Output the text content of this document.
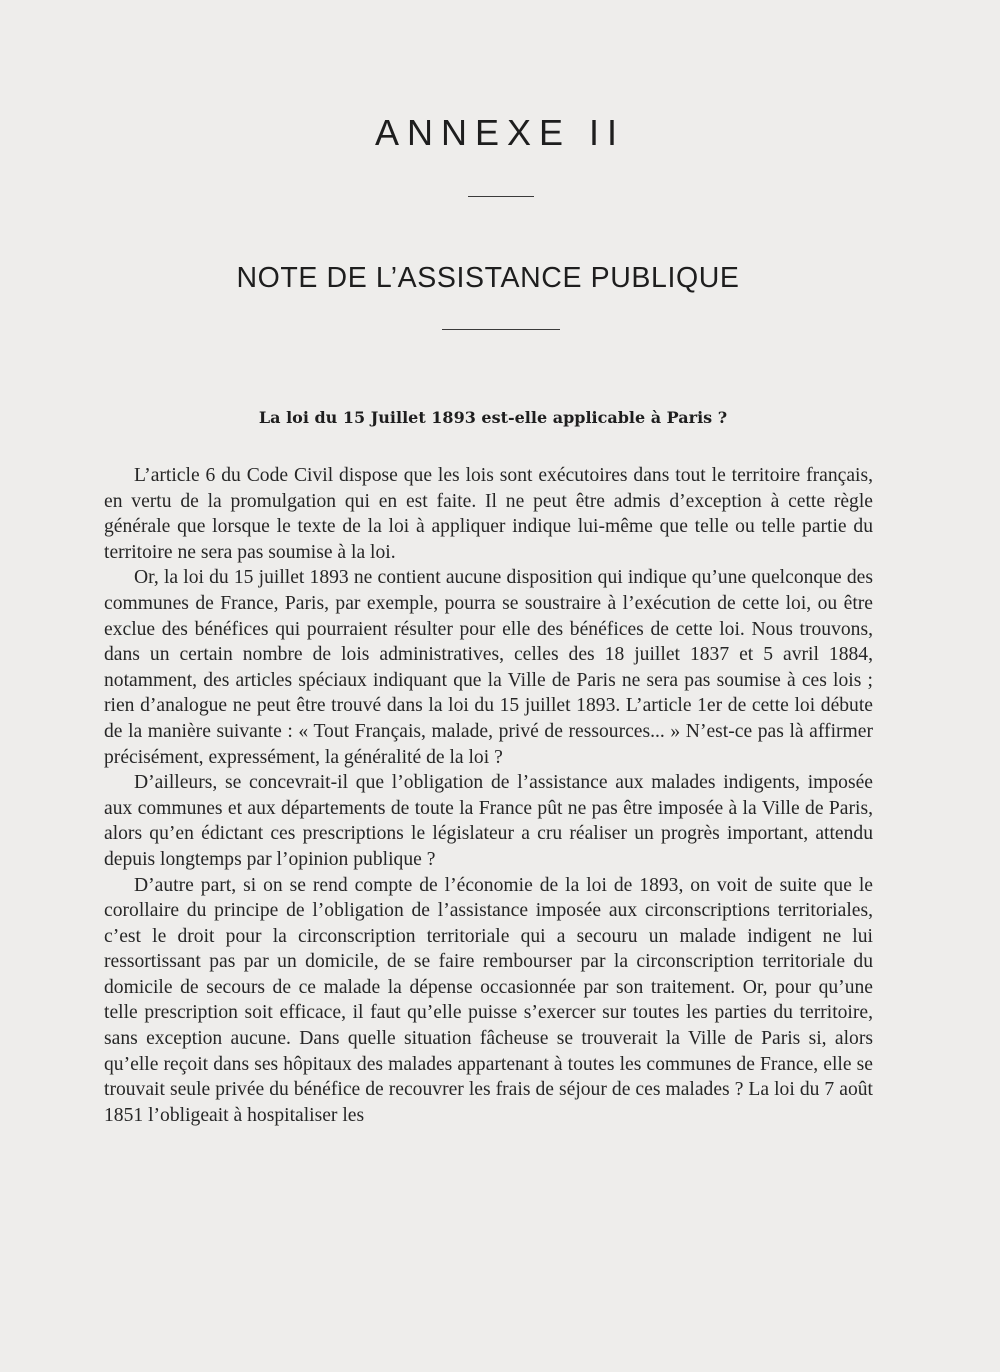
ANNEXE II
NOTE DE L’ASSISTANCE PUBLIQUE
La loi du 15 Juillet 1893 est-elle applicable à Paris ?

L’article 6 du Code Civil dispose que les lois sont exécutoires dans tout le territoire français, en vertu de la promulgation qui en est faite. Il ne peut être admis d’exception à cette règle générale que lorsque le texte de la loi à appliquer indique lui-même que telle ou telle partie du territoire ne sera pas soumise à la loi.

Or, la loi du 15 juillet 1893 ne contient aucune disposition qui indique qu’une quelconque des communes de France, Paris, par exemple, pourra se soustraire à l’exécution de cette loi, ou être exclue des bénéfices qui pourraient résulter pour elle des bénéfices de cette loi. Nous trouvons, dans un certain nombre de lois administratives, celles des 18 juillet 1837 et 5 avril 1884, notamment, des articles spéciaux indiquant que la Ville de Paris ne sera pas soumise à ces lois ; rien d’analogue ne peut être trouvé dans la loi du 15 juillet 1893. L’article 1er de cette loi débute de la manière suivante : « Tout Français, malade, privé de ressources... » N’est-ce pas là affirmer précisément, expressément, la généralité de la loi ?

D’ailleurs, se concevrait-il que l’obligation de l’assistance aux malades indigents, imposée aux communes et aux départements de toute la France pût ne pas être imposée à la Ville de Paris, alors qu’en édictant ces prescriptions le législateur a cru réaliser un progrès important, attendu depuis longtemps par l’opinion publique ?

D’autre part, si on se rend compte de l’économie de la loi de 1893, on voit de suite que le corollaire du principe de l’obligation de l’assistance imposée aux circonscriptions territoriales, c’est le droit pour la circonscription territoriale qui a secouru un malade indigent ne lui ressortissant pas par un domicile, de se faire rembourser par la circonscription territoriale du domicile de secours de ce malade la dépense occasionnée par son traitement. Or, pour qu’une telle prescription soit efficace, il faut qu’elle puisse s’exercer sur toutes les parties du territoire, sans exception aucune. Dans quelle situation fâcheuse se trouverait la Ville de Paris si, alors qu’elle reçoit dans ses hôpitaux des malades appartenant à toutes les communes de France, elle se trouvait seule privée du bénéfice de recouvrer les frais de séjour de ces malades ? La loi du 7 août 1851 l’obligeait à hospitaliser les
